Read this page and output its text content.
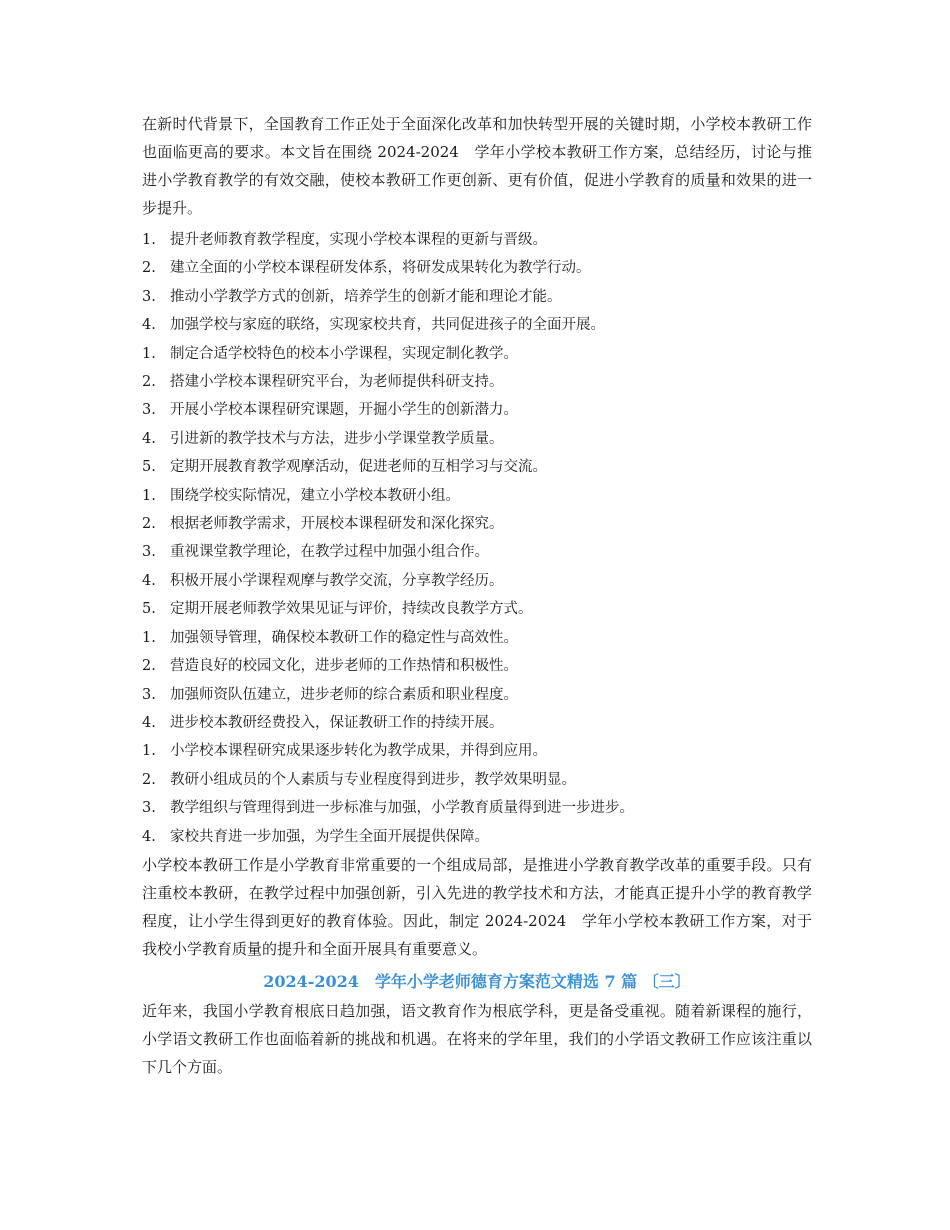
在新时代背景下，全国教育工作正处于全面深化改革和加快转型开展的关键时期，小学校本教研工作也面临更高的要求。本文旨在围绕 2024-2024　学年小学校本教研工作方案，总结经历，讨论与推进小学教育教学的有效交融，使校本教研工作更创新、更有价值，促进小学教育的质量和效果的进一步提升。

1. 提升老师教育教学程度，实现小学校本课程的更新与晋级。
2. 建立全面的小学校本课程研发体系，将研发成果转化为教学行动。
3. 推动小学教学方式的创新，培养学生的创新才能和理论才能。
4. 加强学校与家庭的联络，实现家校共育，共同促进孩子的全面开展。
1. 制定合适学校特色的校本小学课程，实现定制化教学。
2. 搭建小学校本课程研究平台，为老师提供科研支持。
3. 开展小学校本课程研究课题，开掘小学生的创新潜力。
4. 引进新的教学技术与方法，进步小学课堂教学质量。
5. 定期开展教育教学观摩活动，促进老师的互相学习与交流。
1. 围绕学校实际情况，建立小学校本教研小组。
2. 根据老师教学需求，开展校本课程研发和深化探究。
3. 重视课堂教学理论，在教学过程中加强小组合作。
4. 积极开展小学课程观摩与教学交流，分享教学经历。
5. 定期开展老师教学效果见证与评价，持续改良教学方式。
1. 加强领导管理，确保校本教研工作的稳定性与高效性。
2. 营造良好的校园文化，进步老师的工作热情和积极性。
3. 加强师资队伍建立，进步老师的综合素质和职业程度。
4. 进步校本教研经费投入，保证教研工作的持续开展。
1. 小学校本课程研究成果逐步转化为教学成果，并得到应用。
2. 教研小组成员的个人素质与专业程度得到进步，教学效果明显。
3. 教学组织与管理得到进一步标准与加强，小学教育质量得到进一步进步。
4. 家校共育进一步加强，为学生全面开展提供保障。

小学校本教研工作是小学教育非常重要的一个组成局部，是推进小学教育教学改革的重要手段。只有注重校本教研，在教学过程中加强创新，引入先进的教学技术和方法，才能真正提升小学的教育教学程度，让小学生得到更好的教育体验。因此，制定 2024-2024　学年小学校本教研工作方案，对于我校小学教育质量的提升和全面开展具有重要意义。

2024-2024　学年小学老师德育方案范文精选 7 篇 〔三〕

近年来，我国小学教育根底日趋加强，语文教育作为根底学科，更是备受重视。随着新课程的施行，小学语文教研工作也面临着新的挑战和机遇。在将来的学年里，我们的小学语文教研工作应该注重以下几个方面。
